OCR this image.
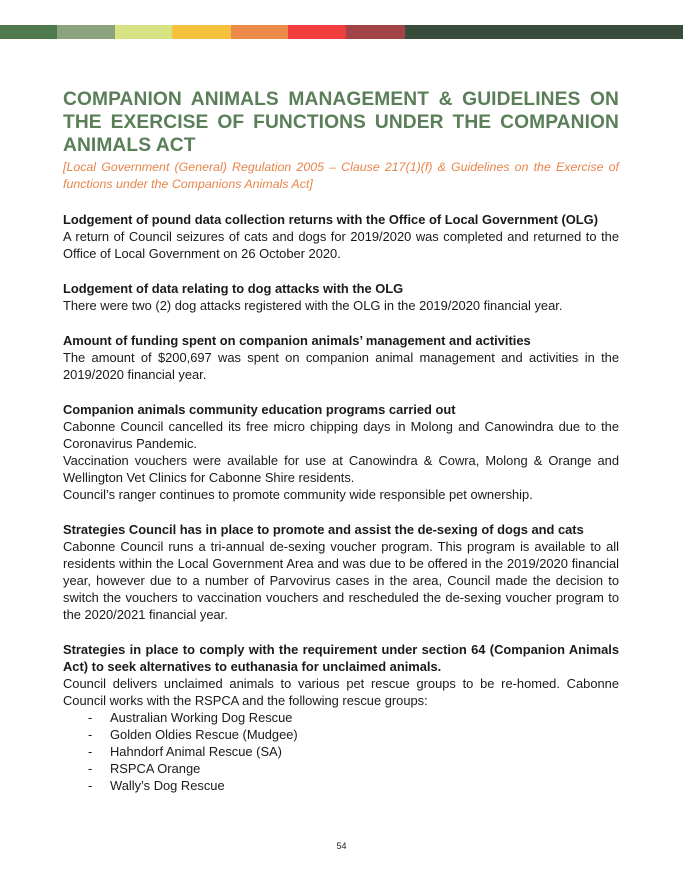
COMPANION ANIMALS MANAGEMENT & GUIDELINES ON THE EXERCISE OF FUNCTIONS UNDER THE COMPANION ANIMALS ACT

[Local Government (General) Regulation 2005 – Clause 217(1)(f) & Guidelines on the Exercise of functions under the Companions Animals Act]

Lodgement of pound data collection returns with the Office of Local Government (OLG)

A return of Council seizures of cats and dogs for 2019/2020 was completed and returned to the Office of Local Government on 26 October 2020.

Lodgement of data relating to dog attacks with the OLG

There were two (2) dog attacks registered with the OLG in the 2019/2020 financial year.

Amount of funding spent on companion animals’ management and activities

The amount of $200,697 was spent on companion animal management and activities in the 2019/2020 financial year.

Companion animals community education programs carried out

Cabonne Council cancelled its free micro chipping days in Molong and Canowindra due to the Coronavirus Pandemic.

Vaccination vouchers were available for use at Canowindra & Cowra, Molong & Orange and Wellington Vet Clinics for Cabonne Shire residents.

Council’s ranger continues to promote community wide responsible pet ownership.

Strategies Council has in place to promote and assist the de-sexing of dogs and cats

Cabonne Council runs a tri-annual de-sexing voucher program. This program is available to all residents within the Local Government Area and was due to be offered in the 2019/2020 financial year, however due to a number of Parvovirus cases in the area, Council made the decision to switch the vouchers to vaccination vouchers and rescheduled the de-sexing voucher program to the 2020/2021 financial year.

Strategies in place to comply with the requirement under section 64 (Companion Animals Act) to seek alternatives to euthanasia for unclaimed animals.

Council delivers unclaimed animals to various pet rescue groups to be re-homed. Cabonne Council works with the RSPCA and the following rescue groups:

-	Australian Working Dog Rescue
-	Golden Oldies Rescue (Mudgee)
-	Hahndorf Animal Rescue (SA)
-	RSPCA Orange
-	Wally’s Dog Rescue
54
